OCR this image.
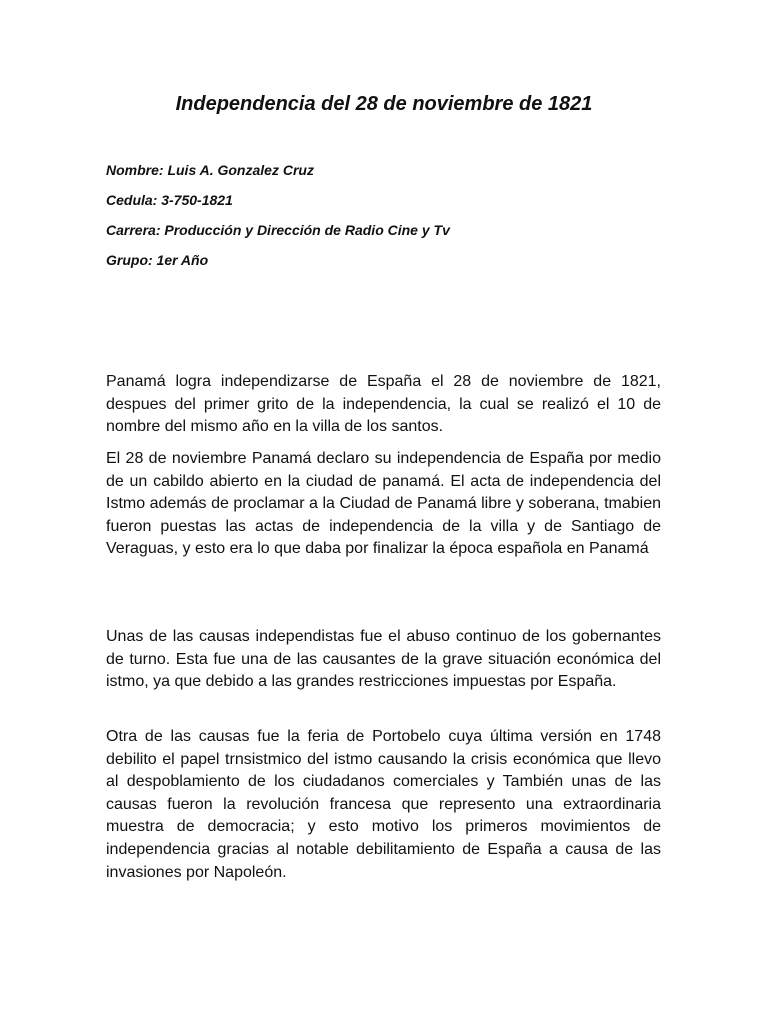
Independencia del 28 de noviembre de 1821

Nombre: Luis A. Gonzalez Cruz

Cedula: 3-750-1821

Carrera: Producción y Dirección de Radio Cine y Tv

Grupo: 1er Año

Panamá logra independizarse de España el 28 de noviembre de 1821, despues del primer grito de la independencia, la cual se realizó el 10 de nombre del mismo año en la villa de los santos.

El 28 de noviembre Panamá declaro su independencia de España por medio de un cabildo abierto en la ciudad de panamá. El acta de independencia del Istmo además de proclamar a la Ciudad de Panamá libre y soberana, tmabien fueron puestas las actas de independencia de la villa y de Santiago de Veraguas, y esto era lo que daba por finalizar la época española en Panamá

Unas de las causas independistas fue el abuso continuo de los gobernantes de turno. Esta fue una de las causantes de la grave situación económica del istmo, ya que debido a las grandes restricciones impuestas por España.

Otra de las causas fue la feria de Portobelo cuya última versión en 1748 debilito el papel trnsistmico del istmo causando la crisis económica que llevo al despoblamiento de los ciudadanos comerciales y También unas de las causas fueron la revolución francesa que represento una extraordinaria muestra de democracia; y esto motivo los primeros movimientos de independencia gracias al notable debilitamiento de España a causa de las invasiones por Napoleón.
